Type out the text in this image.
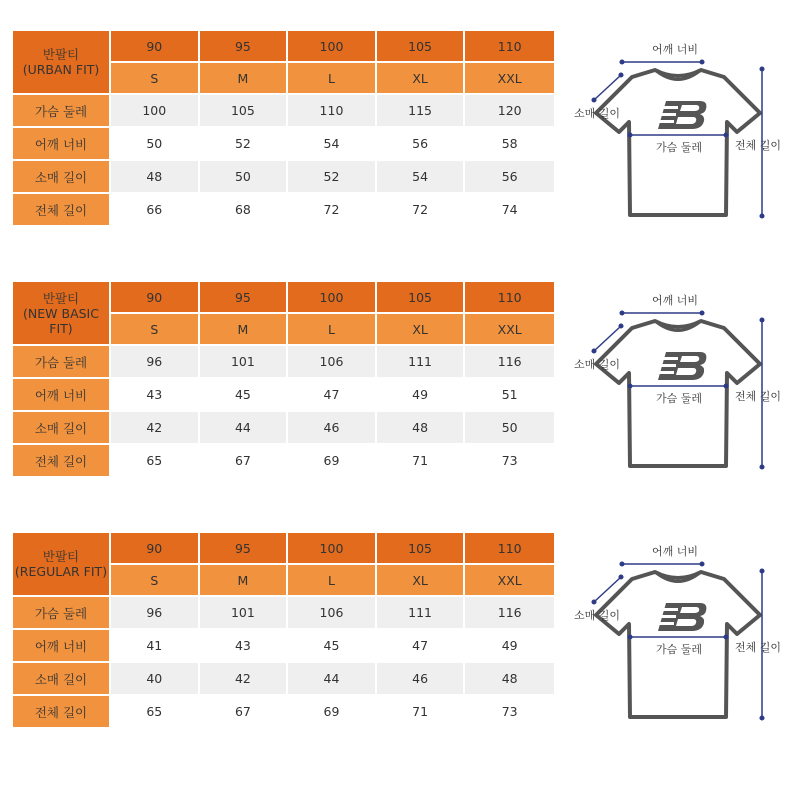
반팔티
(URBAN FIT)	90	95	100	105	110
	S	M	L	XL	XXL
가슴 둘레	100	105	110	115	120
어깨 너비	50	52	54	56	58
소매 길이	48	50	52	54	56
전체 길이	66	68	72	72	74
어깨 너비
소매 길이
가슴 둘레	전체 길이
반팔티
(NEW BASIC FIT)	90	95	100	105	110
	S	M	L	XL	XXL
가슴 둘레	96	101	106	111	116
어깨 너비	43	45	47	49	51
소매 길이	42	44	46	48	50
전체 길이	65	67	69	71	73
어깨 너비
소매 길이
가슴 둘레	전체 길이
반팔티
(REGULAR FIT)	90	95	100	105	110
	S	M	L	XL	XXL
가슴 둘레	96	101	106	111	116
어깨 너비	41	43	45	47	49
소매 길이	40	42	44	46	48
전체 길이	65	67	69	71	73
어깨 너비
소매 길이
가슴 둘레	전체 길이
